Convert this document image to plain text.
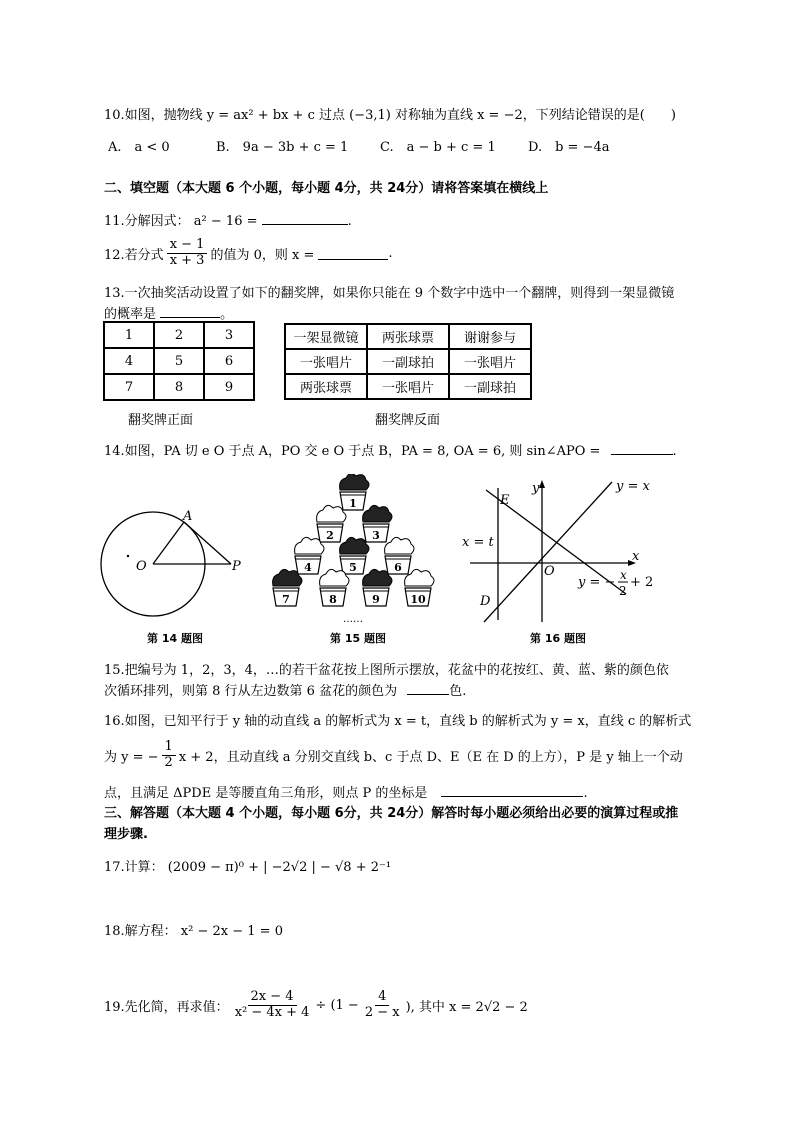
10.如图，抛物线 y = ax² + bx + c 过点 (−3,1) 对称轴为直线 x = −2，下列结论错误的是(　　)
A.　a < 0	B.　9a − 3b + c = 1 C.　a − b + c = 1 D.　b = −4a
二、填空题（本大题 6 个小题，每小题 4分，共 24分）请将答案填在横线上
11.分解因式： a² − 16 =	.
12.若分式 $\frac{x - 1}{x + 3}$ 的值为 0，则 x =	.
13.一次抽奖活动设置了如下的翻奖牌，如果你只能在 9 个数字中选中一个翻牌，则得到一架显微镜
的概率是	。
1	2	3
4	5	6
7	8	9
翻奖牌正面
一架显微镜	两张球票	谢谢参与
一张唱片	一副球拍	一张唱片
两张球票	一张唱片	一副球拍
翻奖牌反面
14.如图，PA 切 e O 于点 A，PO 交 e O 于点 B，PA = 8, OA = 6, 则 sin∠APO =	.
A
O	P
第 14 题图
1
2	3
4	5	6
7	8	9	10
……
第 15 题图
y
x
y = x
x = t
E
D
O
y = − x
2
+ 2
第 16 题图
15.把编号为 1，2，3，4，…的若干盆花按上图所示摆放，花盆中的花按红、黄、蓝、紫的颜色依
次循环排列，则第 8 行从左边数第 6 盆花的颜色为	色.
16.如图，已知平行于 y 轴的动直线 a 的解析式为 x = t，直线 b 的解析式为 y = x，直线 c 的解析式
为 y = − $\frac{1}{2}$ x + 2，且动直线 a 分别交直线 b、c 于点 D、E（E 在 D 的上方），P 是 y 轴上一个动
点，且满足 ΔPDE 是等腰直角三角形，则点 P 的坐标是	.
三、解答题（本大题 4 个小题，每小题 6分，共 24分）解答时每小题必须给出必要的演算过程或推
理步骤.
17.计算： (2009 − π)⁰ + | −2√2 | − √8 + 2⁻¹
18.解方程： x² − 2x − 1 = 0
19.先化简，再求值： $\frac{2x - 4}{\text{x² − 4x + 4}} \div (1 - \frac{4}{2 - x}$ ), 其中 x = 2√2 − 2
